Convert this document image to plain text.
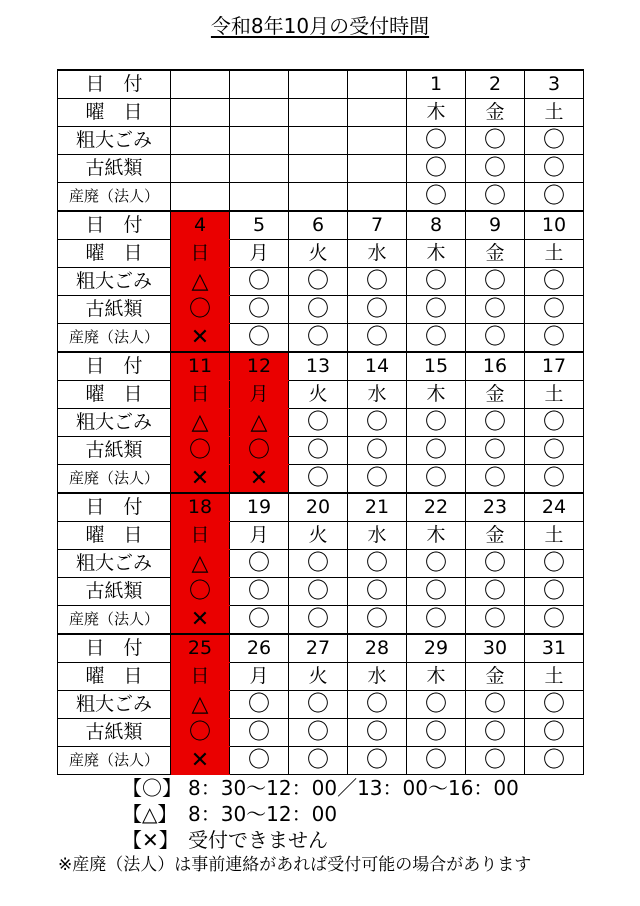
令和8年10月の受付時間
日　付					1	2	3
曜　日					木	金	土
粗大ごみ					〇	〇	〇
古紙類					〇	〇	〇
産廃（法人）					〇	〇	〇
日　付	4	5	6	7	8	9	10
曜　日	日	月	火	水	木	金	土
粗大ごみ	△	〇	〇	〇	〇	〇	〇
古紙類	〇	〇	〇	〇	〇	〇	〇
産廃（法人）	✕	〇	〇	〇	〇	〇	〇
日　付	11	12	13	14	15	16	17
曜　日	日	月	火	水	木	金	土
粗大ごみ	△	△	〇	〇	〇	〇	〇
古紙類	〇	〇	〇	〇	〇	〇	〇
産廃（法人）	✕	✕	〇	〇	〇	〇	〇
日　付	18	19	20	21	22	23	24
曜　日	日	月	火	水	木	金	土
粗大ごみ	△	〇	〇	〇	〇	〇	〇
古紙類	〇	〇	〇	〇	〇	〇	〇
産廃（法人）	✕	〇	〇	〇	〇	〇	〇
日　付	25	26	27	28	29	30	31
曜　日	日	月	火	水	木	金	土
粗大ごみ	△	〇	〇	〇	〇	〇	〇
古紙類	〇	〇	〇	〇	〇	〇	〇
産廃（法人）	✕	〇	〇	〇	〇	〇	〇
【〇】 8：30～12：00／13：00～16：00
【△】 8：30～12：00
【✕】 受付できません
※産廃（法人）は事前連絡があれば受付可能の場合があります
